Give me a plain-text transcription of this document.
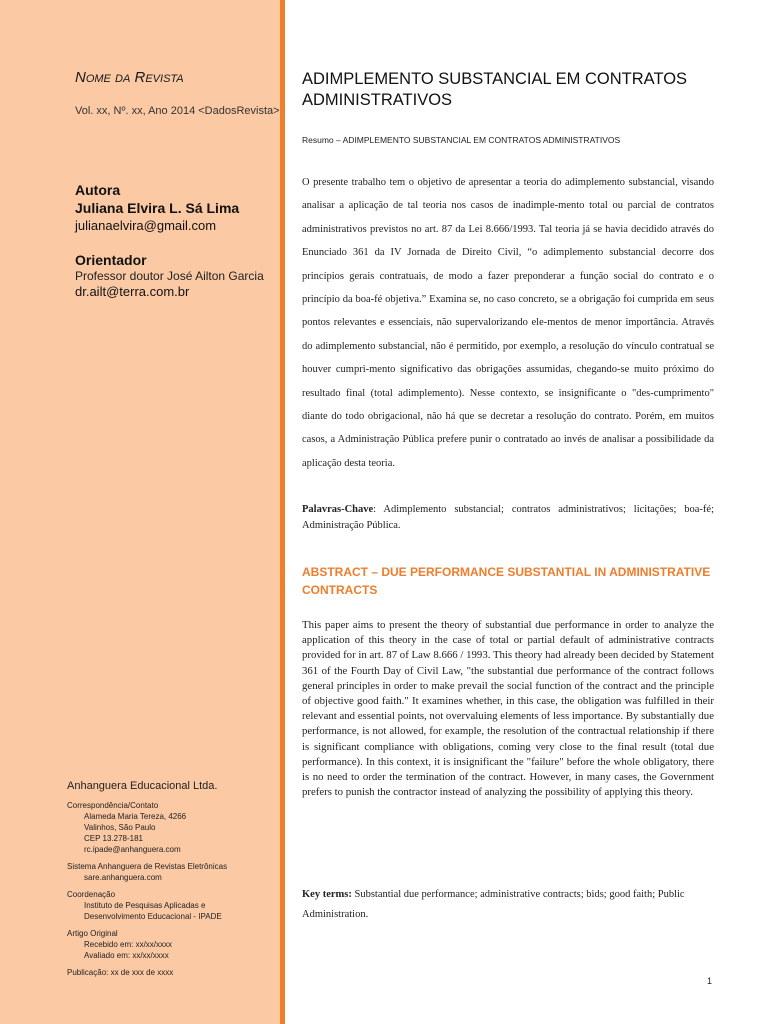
Nome da Revista
Vol. xx, Nº. xx, Ano 2014 <DadosRevista>
Autora
Juliana Elvira L. Sá Lima
julianaelvira@gmail.com
Orientador
Professor doutor José Ailton Garcia
dr.ailt@terra.com.br
Anhanguera Educacional Ltda.
Correspondência/Contato
Alameda Maria Tereza, 4266
Valinhos, São Paulo
CEP 13.278-181
rc.ipade@anhanguera.com
Sistema Anhanguera de Revistas Eletrônicas
sare.anhanguera.com
Coordenação
Instituto de Pesquisas Aplicadas e
Desenvolvimento Educacional - IPADE
Artigo Original
Recebido em: xx/xx/xxxx
Avaliado em: xx/xx/xxxx
Publicação: xx de xxx de xxxx
ADIMPLEMENTO SUBSTANCIAL EM CONTRATOS ADMINISTRATIVOS
Resumo – ADIMPLEMENTO SUBSTANCIAL EM CONTRATOS ADMINISTRATIVOS
O presente trabalho tem o objetivo de apresentar a teoria do adimplemento substancial, visando analisar a aplicação de tal teoria nos casos de inadimple-mento total ou parcial de contratos administrativos previstos no art. 87 da Lei 8.666/1993. Tal teoria já se havia decidido através do Enunciado 361 da IV Jornada de Direito Civil, “o adimplemento substancial decorre dos princípios gerais contratuais, de modo a fazer preponderar a função social do contrato e o princípio da boa-fé objetiva.” Examina se, no caso concreto, se a obrigação foi cumprida em seus pontos relevantes e essenciais, não supervalorizando ele-mentos de menor importância. Através do adimplemento substancial, não é permitido, por exemplo, a resolução do vínculo contratual se houver cumpri-mento significativo das obrigações assumidas, chegando-se muito próximo do resultado final (total adimplemento). Nesse contexto, se insignificante o "des-cumprimento" diante do todo obrigacional, não há que se decretar a resolução do contrato. Porém, em muitos casos, a Administração Pública prefere punir o contratado ao invés de analisar a possibilidade da aplicação desta teoria.
Palavras-Chave: Adimplemento substancial; contratos administrativos; licitações; boa-fé; Administração Pública.
ABSTRACT – DUE PERFORMANCE SUBSTANTIAL IN ADMINISTRATIVE CONTRACTS
This paper aims to present the theory of substantial due performance in order to analyze the application of this theory in the case of total or partial default of administrative contracts provided for in art. 87 of Law 8.666 / 1993. This theory had already been decided by Statement 361 of the Fourth Day of Civil Law, "the substantial due performance of the contract follows general principles in order to make prevail the social function of the contract and the principle of objective good faith." It examines whether, in this case, the obligation was fulfilled in their relevant and essential points, not overvaluing elements of less importance. By substantially due performance, is not allowed, for example, the resolution of the contractual relationship if there is significant compliance with obligations, coming very close to the final result (total due performance). In this context, it is insignificant the "failure" before the whole obligatory, there is no need to order the termination of the contract. However, in many cases, the Government prefers to punish the contractor instead of analyzing the possibility of applying this theory.
Key terms: Substantial due performance; administrative contracts; bids; good faith; Public Administration.
1
